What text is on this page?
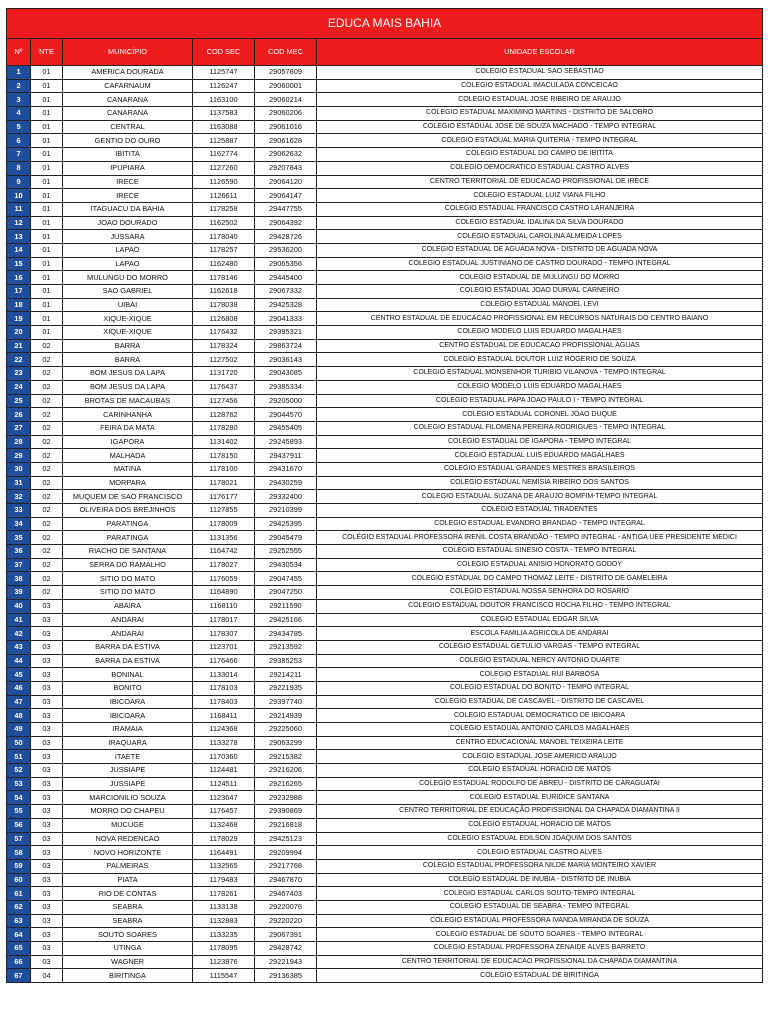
EDUCA MAIS BAHIA					
Nº	NTE	MUNICÍPIO	COD SEC	COD MEC	UNIDADE ESCOLAR
1	01	AMERICA DOURADA	1125747	29057809	COLEGIO ESTADUAL SAO SEBASTIAO
2	01	CAFARNAUM	1126247	29060001	COLEGIO ESTADUAL IMACULADA CONCEICAO
3	01	CANARANA	1163100	29060214	COLEGIO ESTADUAL JOSE RIBEIRO DE ARAUJO
4	01	CANARANA	1137583	29060206	COLEGIO ESTADUAL MAXIMINO MARTINS - DISTRITO DE SALOBRO
5	01	CENTRAL	1163088	29061016	COLEGIO ESTADUAL JOSE DE SOUZA MACHADO - TEMPO INTEGRAL
6	01	GENTIO DO OURO	1125887	29061628	COLEGIO ESTADUAL MARIA QUITERIA - TEMPO INTEGRAL
7	01	IBITITA	1162774	29062632	COLEGIO ESTADUAL DO CAMPO DE IBITITA
8	01	IPUPIARA	1127260	29207843	COLEGIO DEMOCRATICO ESTADUAL CASTRO ALVES
9	01	IRECE	1126590	29064120	CENTRO TERRITORIAL DE EDUCACAO PROFISSIONAL DE IRECE
10	01	IRECE	1126611	29064147	COLEGIO ESTADUAL LUIZ VIANA FILHO
11	01	ITAGUACU DA BAHIA	1178258	29447755	COLEGIO ESTADUAL FRANCISCO CASTRO LARANJEIRA
12	01	JOAO DOURADO	1162502	29064392	COLEGIO ESTADUAL IDALINA DA SILVA DOURADO
13	01	JUSSARA	1178040	29428726	COLEGIO ESTADUAL CAROLINA ALMEIDA LOPES
14	01	LAPAO	1178257	29536200	COLEGIO ESTADUAL DE AGUADA NOVA - DISTRITO DE AGUADA NOVA
15	01	LAPAO	1162480	29065356	COLEGIO ESTADUAL JUSTINIANO DE CASTRO DOURADO - TEMPO INTEGRAL
16	01	MULUNGU DO MORRO	1178146	29445400	COLEGIO ESTADUAL DE MULUNGU DO MORRO
17	01	SAO GABRIEL	1162618	29067332	COLEGIO ESTADUAL JOAO DURVAL CARNEIRO
18	01	UIBAI	1178038	29425328	COLEGIO ESTADUAL MANOEL LEVI
19	01	XIQUE-XIQUE	1126808	29041333	CENTRO ESTADUAL DE EDUCACAO PROFISSIONAL EM RECURSOS NATURAIS DO CENTRO BAIANO
20	01	XIQUE-XIQUE	1176432	29395321	COLEGIO MODELO LUIS EDUARDO MAGALHAES
21	02	BARRA	1178324	29863724	CENTRO ESTADUAL DE EDUCACAO PROFISSIONAL AGUAS
22	02	BARRA	1127502	29036143	COLEGIO ESTADUAL DOUTOR LUIZ ROGERIO DE SOUZA
23	02	BOM JESUS DA LAPA	1131720	29043085	COLEGIO ESTADUAL MONSENHOR TURIBIO VILANOVA - TEMPO INTEGRAL
24	02	BOM JESUS DA LAPA	1176437	29385334	COLEGIO MODELO LUIS EDUARDO MAGALHAES
25	02	BROTAS DE MACAUBAS	1127456	29205000	COLEGIO ESTADUAL PAPA JOAO PAULO I - TEMPO INTEGRAL
26	02	CARINHANHA	1128762	29044570	COLEGIO ESTADUAL CORONEL JOAO DUQUE
27	02	FEIRA DA MATA	1178280	29455405	COLEGIO ESTADUAL FILOMENA PEREIRA RODRIGUES - TEMPO INTEGRAL
28	02	IGAPORA	1131402	29245893	COLEGIO ESTADUAL DE IGAPORA - TEMPO INTEGRAL
29	02	MALHADA	1178150	29437911	COLEGIO ESTADUAL LUIS EDUARDO MAGALHAES
30	02	MATINA	1178100	29431670	COLEGIO ESTADUAL GRANDES MESTRES BRASILEIROS
31	02	MORPARA	1178021	29430259	COLEGIO ESTADUAL NEMISIA RIBEIRO DOS SANTOS
32	02	MUQUEM DE SAO FRANCISCO	1176177	29332400	COLEGIO ESTADUAL SUZANA DE ARAUJO BOMFIM-TEMPO INTEGRAL
33	02	OLIVEIRA DOS BREJINHOS	1127855	29210399	COLEGIO ESTADUAL TIRADENTES
34	02	PARATINGA	1178009	29425395	COLEGIO ESTADUAL EVANDRO BRANDAO - TEMPO INTEGRAL
35	02	PARATINGA	1131356	29045479	COLÉGIO ESTADUAL PROFESSORA IRENIL COSTA BRANDÃO - TEMPO INTEGRAL - ANTIGA UEE PRESIDENTE MEDICI
36	02	RIACHO DE SANTANA	1164742	29252555	COLEGIO ESTADUAL SINESIO COSTA - TEMPO INTEGRAL
37	02	SERRA DO RAMALHO	1178027	29430534	COLEGIO ESTADUAL ANISIO HONORATO GODOY
38	02	SITIO DO MATO	1176059	29047455	COLEGIO ESTADUAL DO CAMPO THOMAZ LEITE - DISTRITO DE GAMELEIRA
39	02	SITIO DO MATO	1164890	29047250	COLEGIO ESTADUAL NOSSA SENHORA DO ROSARIO
40	03	ABAIRA	1168110	29211590	COLEGIO ESTADUAL DOUTOR FRANCISCO ROCHA FILHO - TEMPO INTEGRAL
41	03	ANDARAI	1178017	29425166	COLEGIO ESTADUAL EDGAR SILVA
42	03	ANDARAI	1178307	29434785	ESCOLA FAMILIA AGRICOLA DE ANDARAI
43	03	BARRA DA ESTIVA	1123701	29213592	COLEGIO ESTADUAL GETULIO VARGAS - TEMPO INTEGRAL
44	03	BARRA DA ESTIVA	1176466	29385253	COLEGIO ESTADUAL NERCY ANTONIO DUARTE
45	03	BONINAL	1133014	29214211	COLEGIO ESTADUAL RUI BARBOSA
46	03	BONITO	1178103	29221935	COLEGIO ESTADUAL DO BONITO - TEMPO INTEGRAL
47	03	IBICOARA	1178403	29397740	COLEGIO ESTADUAL DE CASCAVEL - DISTRITO DE CASCAVEL
48	03	IBICOARA	1168411	29214939	COLEGIO ESTADUAL DEMOCRATICO DE IBICOARA
49	03	IRAMAIA	1124368	29225060	COLEGIO ESTADUAL ANTONIO CARLOS MAGALHAES
50	03	IRAQUARA	1133278	29063299	CENTRO EDUCACIONAL MANOEL TEIXEIRA LEITE
51	03	ITAETE	1170360	29215382	COLEGIO ESTADUAL JOSE AMERICO ARAUJO
52	03	JUSSIAPE	1124481	29216206	COLEGIO ESTADUAL HORACIO DE MATOS
53	03	JUSSIAPE	1124511	29216265	COLEGIO ESTADUAL RODOLFO DE ABREU - DISTRITO DE CARAGUATAI
54	03	MARCIONILIO SOUZA	1123647	29232988	COLEGIO ESTADUAL EURIDICE SANTANA
55	03	MORRO DO CHAPEU	1176457	29390869	CENTRO TERRITORIAL DE EDUCAÇÃO PROFISSIONAL DA CHAPADA DIAMANTINA II
56	03	MUCUGE	1132468	29216818	COLEGIO ESTADUAL HORACIO DE MATOS
57	03	NOVA REDENCAO	1178029	29425123	COLEGIO ESTADUAL EDILSON JOAQUIM DOS SANTOS
58	03	NOVO HORIZONTE	1164491	29209994	COLEGIO ESTADUAL CASTRO ALVES
59	03	PALMEIRAS	1132565	29217768	COLEGIO ESTADUAL PROFESSORA NILDE MARIA MONTEIRO XAVIER
60	03	PIATA	1179483	29467870	COLEGIO ESTADUAL DE INUBIA - DISTRITO DE INUBIA
61	03	RIO DE CONTAS	1178261	29467403	COLEGIO ESTADUAL CARLOS SOUTO-TEMPO INTEGRAL
62	03	SEABRA	1133138	29220076	COLEGIO ESTADUAL DE SEABRA - TEMPO INTEGRAL
63	03	SEABRA	1132883	29220220	COLEGIO ESTADUAL PROFESSORA IVANDA MIRANDA DE SOUZA
64	03	SOUTO SOARES	1133235	29067391	COLEGIO ESTADUAL DE SOUTO SOARES - TEMPO INTEGRAL
65	03	UTINGA	1178095	29428742	COLEGIO ESTADUAL PROFESSORA ZENAIDE ALVES BARRETO
66	03	WAGNER	1123876	29221943	CENTRO TERRITORIAL DE EDUCACAO PROFISSIONAL DA CHAPADA DIAMANTINA
67	04	BIRITINGA	1115547	29136385	COLEGIO ESTADUAL DE BIRITINGA
